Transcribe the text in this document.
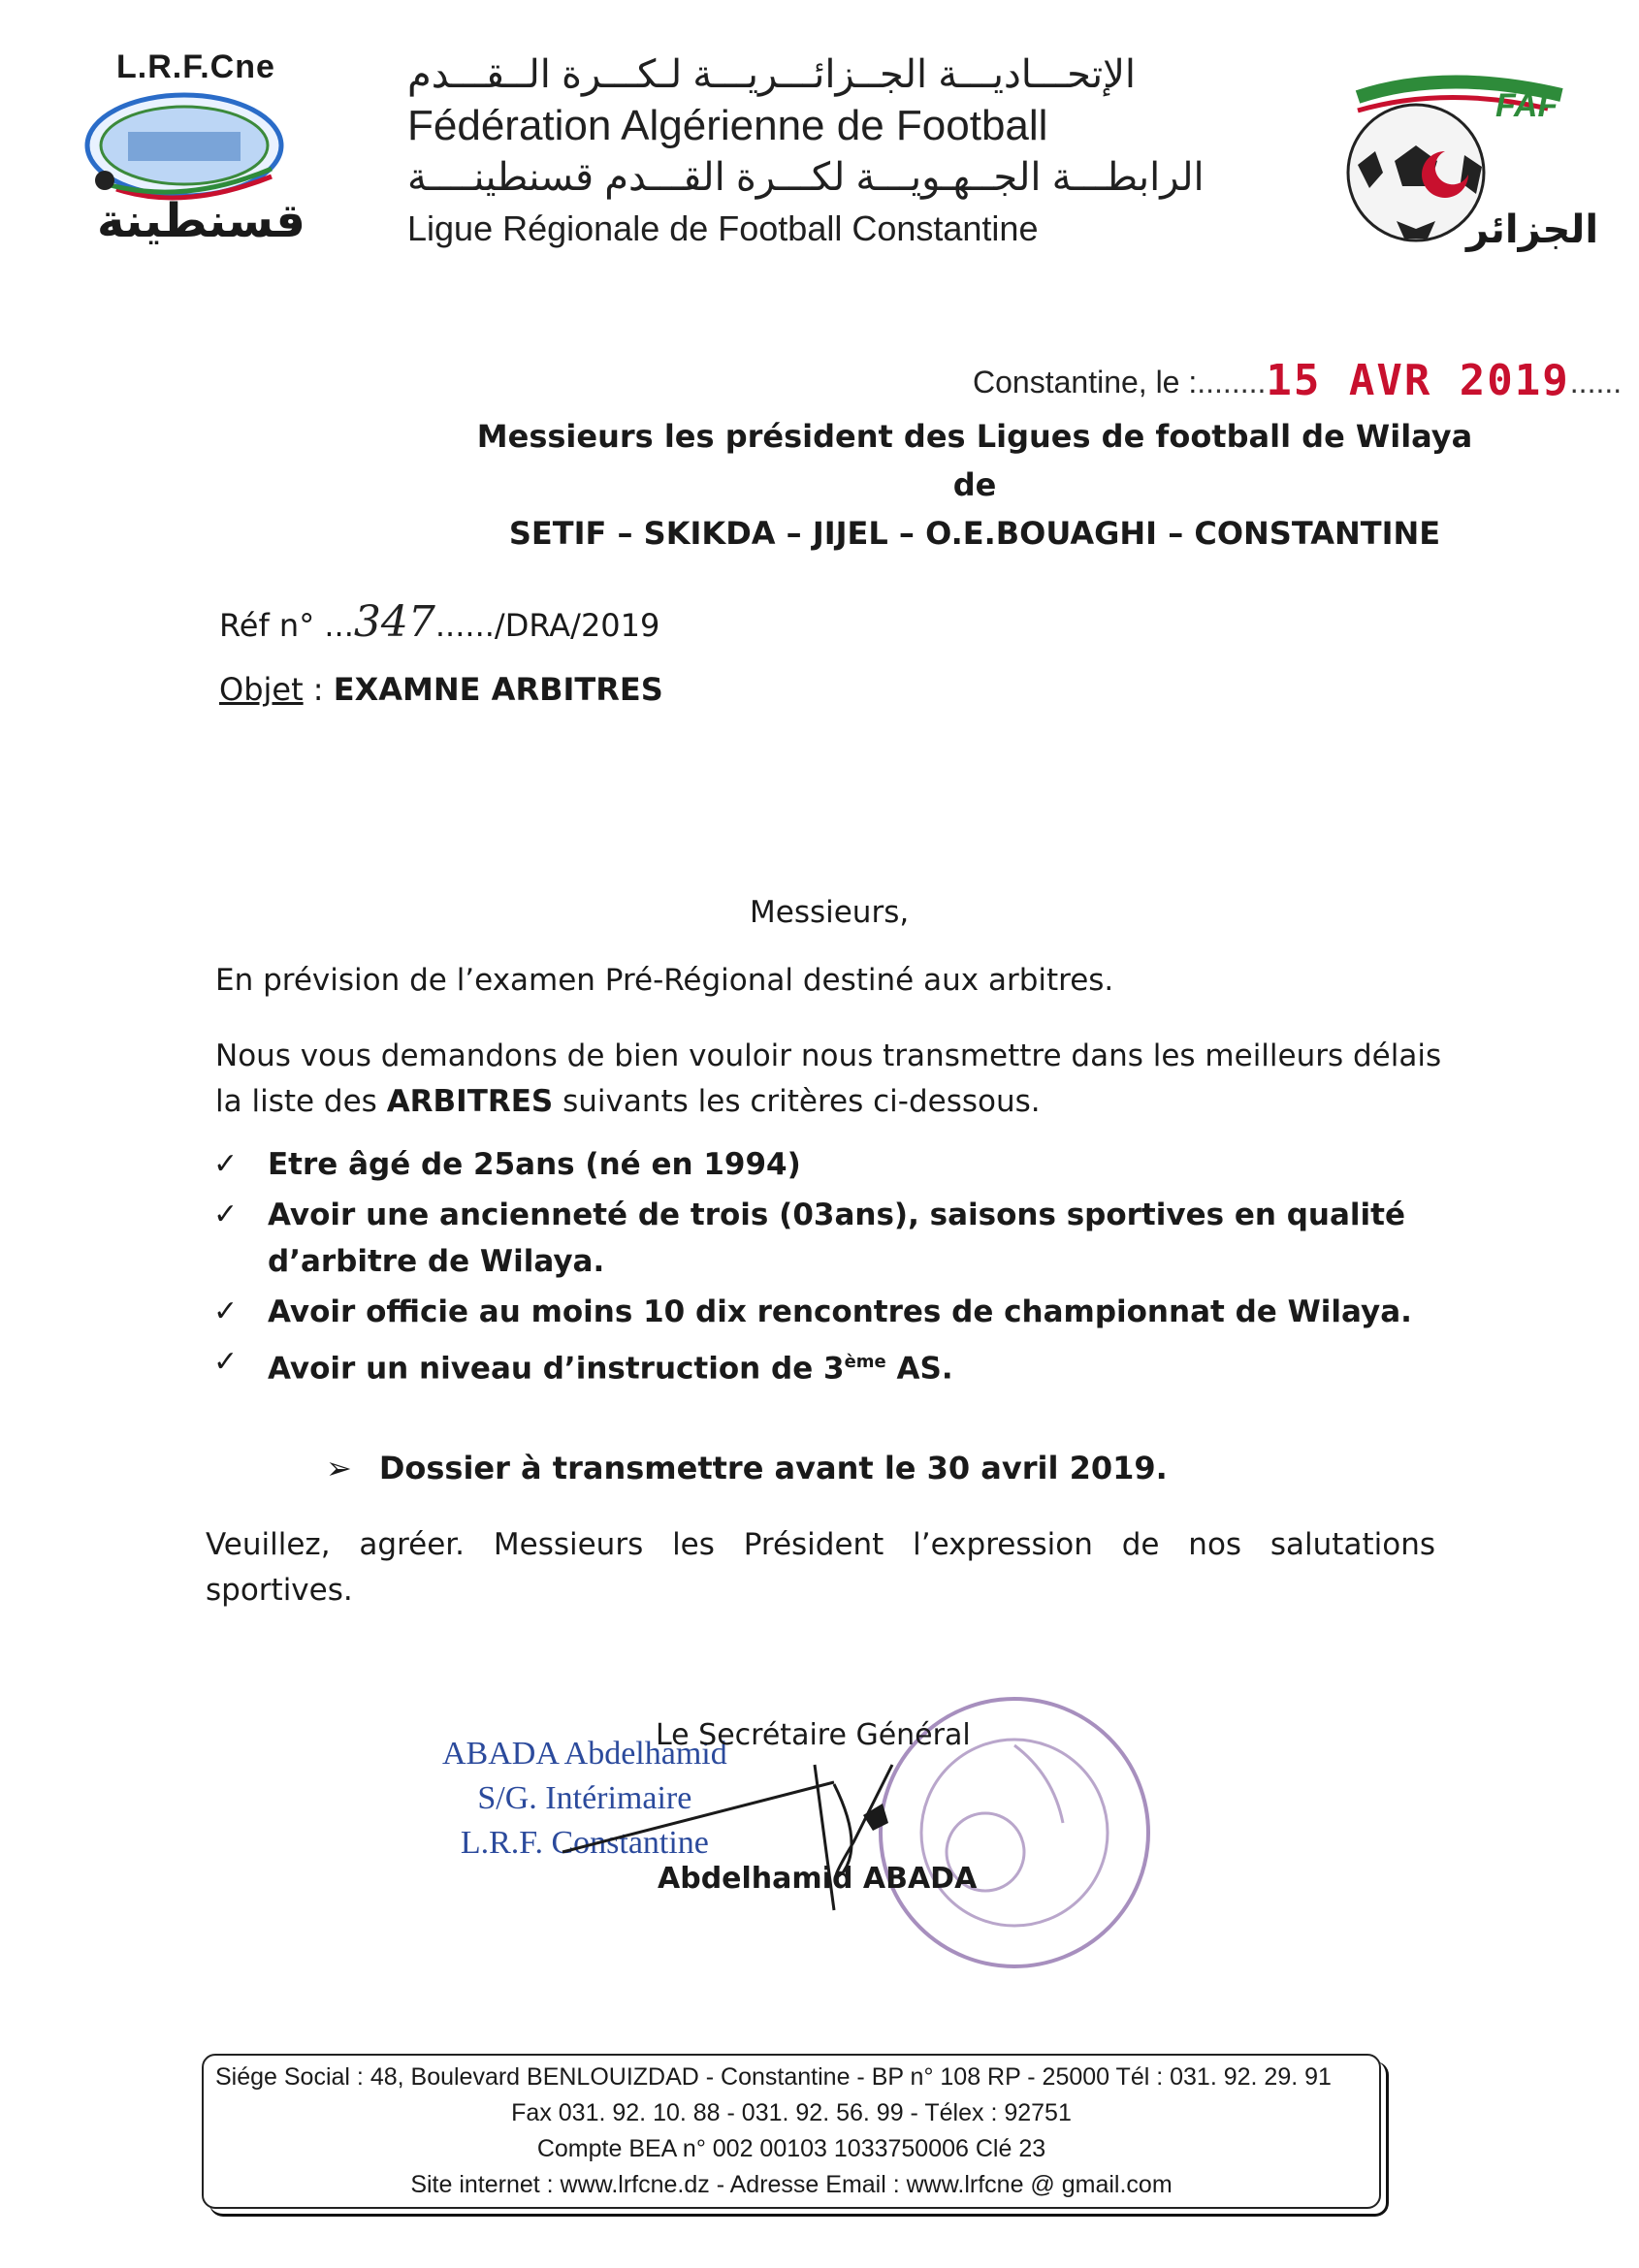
L.R.F.Cne
قسنطينة
الإتحـــاديـــة الجــزائـــريـــة لـكـــرة الــقـــدم
Fédération Algérienne de Football
الرابطـــة الجــهـويـــة لكـــرة القـــدم قسنطينــــة
Ligue Régionale de Football Constantine
FAF
الجزائر
Constantine, le :........15 AVR 2019......
Messieurs les président des Ligues de football de Wilaya de
SETIF – SKIKDA – JIJEL – O.E.BOUAGHI – CONSTANTINE
Réf n° ...347....../DRA/2019
Objet : EXAMNE ARBITRES
Messieurs,
En prévision de l’examen Pré-Régional destiné aux arbitres.
Nous vous demandons de bien vouloir nous transmettre dans les meilleurs délais
la liste des ARBITRES suivants les critères ci-dessous.
✓ Etre âgé de 25ans (né en 1994)
✓ Avoir une ancienneté de trois (03ans), saisons sportives en qualité d’arbitre de Wilaya.
✓ Avoir officie au moins 10 dix rencontres de championnat de Wilaya.
✓ Avoir un niveau d’instruction de 3ème AS.
➢ Dossier à transmettre avant le 30 avril 2019.
Veuillez, agréer. Messieurs les Président l’expression de nos salutations sportives.
ABADA Abdelhamid
S/G. Intérimaire
L.R.F. Constantine
Le Secrétaire Général
Abdelhamid ABADA
Siége Social : 48, Boulevard BENLOUIZDAD - Constantine - BP n° 108 RP - 25000 Tél : 031. 92. 29. 91
Fax 031. 92. 10. 88 - 031. 92. 56. 99 - Télex : 92751
Compte BEA n° 002 00103 1033750006 Clé 23
Site internet : www.lrfcne.dz - Adresse Email : www.lrfcne @ gmail.com
